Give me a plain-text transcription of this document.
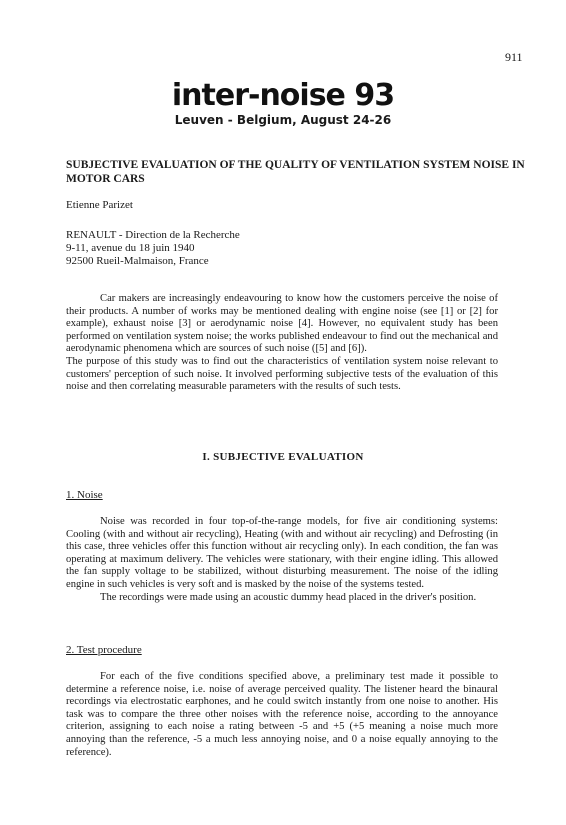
911
inter-noise 93
Leuven - Belgium, August 24-26
SUBJECTIVE EVALUATION OF THE QUALITY OF VENTILATION SYSTEM NOISE IN MOTOR CARS
Etienne Parizet
RENAULT - Direction de la Recherche
9-11, avenue du 18 juin 1940
92500 Rueil-Malmaison, France

Car makers are increasingly endeavouring to know how the customers perceive the noise of their products. A number of works may be mentioned dealing with engine noise (see [1] or [2] for example), exhaust noise [3] or aerodynamic noise [4]. However, no equivalent study has been performed on ventilation system noise; the works published endeavour to find out the mechanical and aerodynamic phenomena which are sources of such noise ([5] and [6]).

The purpose of this study was to find out the characteristics of ventilation system noise relevant to customers' perception of such noise. It involved performing subjective tests of the evaluation of this noise and then correlating measurable parameters with the results of such tests.

I. SUBJECTIVE EVALUATION
1. Noise

Noise was recorded in four top-of-the-range models, for five air conditioning systems: Cooling (with and without air recycling), Heating (with and without air recycling) and Defrosting (in this case, three vehicles offer this function without air recycling only). In each condition, the fan was operating at maximum delivery. The vehicles were stationary, with their engine idling. This allowed the fan supply voltage to be stabilized, without disturbing measurement. The noise of the idling engine in such vehicles is very soft and is masked by the noise of the systems tested.

The recordings were made using an acoustic dummy head placed in the driver's position.

2. Test procedure

For each of the five conditions specified above, a preliminary test made it possible to determine a reference noise, i.e. noise of average perceived quality. The listener heard the binaural recordings via electrostatic earphones, and he could switch instantly from one noise to another. His task was to compare the three other noises with the reference noise, according to the annoyance criterion, assigning to each noise a rating between -5 and +5 (+5 meaning a noise much more annoying than the reference, -5 a much less annoying noise, and 0 a noise equally annoying to the reference).
